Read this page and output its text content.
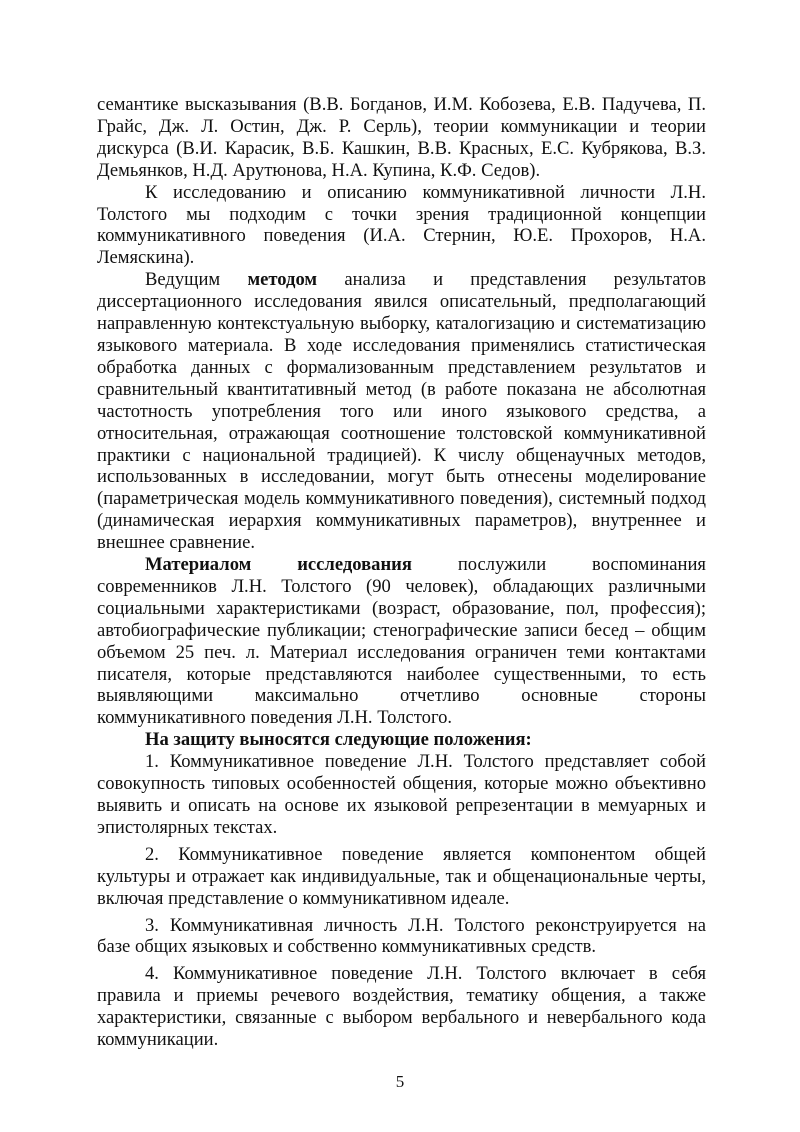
семантике высказывания (В.В. Богданов, И.М. Кобозева, Е.В. Падучева, П. Грайс, Дж. Л. Остин, Дж. Р. Серль), теории коммуникации и теории дискурса (В.И. Карасик, В.Б. Кашкин, В.В. Красных, Е.С. Кубрякова, В.З. Демьянков, Н.Д. Арутюнова, Н.А. Купина, К.Ф. Седов).

К исследованию и описанию коммуникативной личности Л.Н. Толстого мы подходим с точки зрения традиционной концепции коммуникативного поведения (И.А. Стернин, Ю.Е. Прохоров, Н.А. Лемяскина).

Ведущим методом анализа и представления результатов диссертационного исследования явился описательный, предполагающий направленную контекстуальную выборку, каталогизацию и систематизацию языкового материала. В ходе исследования применялись статистическая обработка данных с формализованным представлением результатов и сравнительный квантитативный метод (в работе показана не абсолютная частотность употребления того или иного языкового средства, а относительная, отражающая соотношение толстовской коммуникативной практики с национальной традицией). К числу общенаучных методов, использованных в исследовании, могут быть отнесены моделирование (параметрическая модель коммуникативного поведения), системный подход (динамическая иерархия коммуникативных параметров), внутреннее и внешнее сравнение.

Материалом исследования послужили воспоминания современников Л.Н. Толстого (90 человек), обладающих различными социальными характеристиками (возраст, образование, пол, профессия); автобиографические публикации; стенографические записи бесед – общим объемом 25 печ. л. Материал исследования ограничен теми контактами писателя, которые представляются наиболее существенными, то есть выявляющими максимально отчетливо основные стороны коммуникативного поведения Л.Н. Толстого.

На защиту выносятся следующие положения:

1. Коммуникативное поведение Л.Н. Толстого представляет собой совокупность типовых особенностей общения, которые можно объективно выявить и описать на основе их языковой репрезентации в мемуарных и эпистолярных текстах.

2. Коммуникативное поведение является компонентом общей культуры и отражает как индивидуальные, так и общенациональные черты, включая представление о коммуникативном идеале.

3. Коммуникативная личность Л.Н. Толстого реконструируется на базе общих языковых и собственно коммуникативных средств.

4. Коммуникативное поведение Л.Н. Толстого включает в себя правила и приемы речевого воздействия, тематику общения, а также характеристики, связанные с выбором вербального и невербального кода коммуникации.

5
